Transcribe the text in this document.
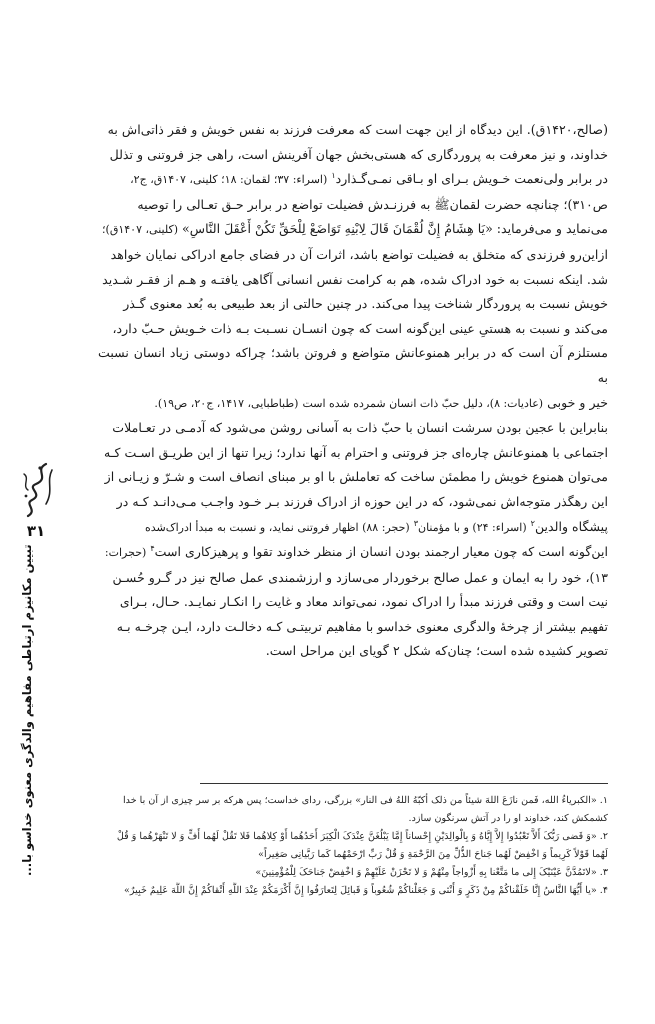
(صالح،۱۴۲۰ق). این دیدگاه از این جهت است که معرفت فرزند به نفس خویش و فقر ذاتی‌اش به

خداوند، و نیز معرفت به پروردگاری که هستی‌بخش جهان آفرینش است، راهی جز فروتنی و تذلل

در برابر ولی‌نعمت خـویش بـرای او بـاقی نمـی‌گـذارد$^۱$ (اسراء: ۳۷؛ لقمان: ۱۸؛ کلینی، ۱۴۰۷ق، ج۲،

ص۳۱۰)؛ چنانچه حضرت لقمانﷺ به فرزنـدش فضیلت تواضع در برابر حـق تعـالی را توصیه

می‌نماید و می‌فرماید: «یَا هِشَامُ إِنَّ لُقْمَانَ قَالَ لِابْنِهِ تَوَاضَعْ لِلْحَقِّ تَكُنْ أَعْقَلَ النَّاسِ» (کلینی، ۱۴۰۷ق)؛

ازاین‌رو فرزندی که متخلق به فضیلت تواضع باشد، اثرات آن در فضای جامع ادراکی نمایان خواهد

شد. اینکه نسبت به خود ادراک شده، هم به کرامت نفس انسانی آگاهی یافتـه و هـم از فقـر شـدید

خویش نسبت به پروردگار شناخت پیدا می‌کند. در چنین حالتی از بعد طبیعی به بُعد معنوی گـذر

می‌کند و نسبت به هستیِ عینی این‌گونه است که چون انسـان نسـبت بـه ذات خـویش حـبّ دارد،

مستلزم آن است که در برابر همنوعانش متواضع و فروتن باشد؛ چراکه دوستی زیاد انسان نسبت به

خیر و خوبی (عادیات: ۸)، دلیل حبّ ذات انسان شمرده شده است (طباطبایی، ۱۴۱۷، ج۲۰، ص۱۹).

بنابراین با عجین بودن سرشت انسان با حبّ ذات به آسانی روشن می‌شود که آدمـی در تعـاملات

اجتماعی با همنوعانش چاره‌ای جز فروتنی و احترام به آنها ندارد؛ زیرا تنها از این طریـق اسـت کـه

می‌توان همنوع خویش را مطمئن ساخت که تعاملش با او بر مبنای انصاف است و شـرّ و زیـانی از

این رهگذر متوجه‌اش نمی‌شود، که در این حوزه از ادراک فرزند بـر خـود واجـب مـی‌دانـد کـه در

پیشگاه والدین$^۲$ (اسراء: ۲۴) و با مؤمنان$^۳$ (حجر: ۸۸) اظهار فروتنی نماید، و نسبت به مبدأ ادراک‌شده

این‌گونه است که چون معیار ارجمند بودن انسان از منظر خداوند تقوا و پرهیزکاری است$^۴$ (حجرات:

۱۳)، خود را به ایمان و عمل صالح برخوردار می‌سازد و ارزشمندی عمل صالح نیز در گـرو حُسـن

نیت است و وقتی فرزند مبدأ را ادراک نمود، نمی‌تواند معاد و غایت را انکـار نمایـد. حـال، بـرای

تفهیم بیشتر از چرخهٔ والدگری معنوی خداسو با مفاهیم تربیتـی کـه دخالـت دارد، ایـن چرخـه بـه

تصویر کشیده شده است؛ چنان‌که شکل ۲ گویای این مراحل است.

۱. «الکبریاءُ الله، فَمن نازَعَ اللهَ شیئاً من ذلک أکبّهُ اللهُ فی النار» بزرگی، ردای خداست؛ پس هرکه بر سر چیزی از آن با خدا

کشمکش کند، خداوند او را در آتش سرنگون سازد.

۲. «وَ قَضی رَبُّکَ أَلاَّ تَعْبُدُوا إِلاَّ إِیَّاهُ وَ بِالْوالِدَیْنِ إِحْساناً إِمَّا یَبْلُغَنَّ عِنْدَکَ الْکِبَرَ أَحَدُهُما أَوْ کِلاهُما فَلا تَقُلْ لَهُما أُفٍّ وَ لا تَنْهَرْهُما وَ قُلْ

لَهُما قَوْلاً کَرِیماً وَ اخْفِضْ لَهُما جَناحَ الذُّلِّ مِنَ الرَّحْمَةِ وَ قُلْ رَبِّ ارْحَمْهُما کَما رَبَّیانِی صَغِیراً»

۳. «لاتَمُدَّنَّ عَیْنَیْکَ إِلی ما مَتَّعْنا بِهِ أَزْواجاً مِنْهُمْ وَ لا تَحْزَنْ عَلَیْهِمْ وَ اخْفِضْ جَناحَکَ لِلْمُؤْمِنِینَ»

۴. «یا أَیُّهَا النَّاسُ إِنَّا خَلَقْناکُمْ مِنْ ذَکَرٍ وَ أُنْثی وَ جَعَلْناکُمْ شُعُوباً وَ قَبائِلَ لِتَعارَفُوا إِنَّ أَکْرَمَکُمْ عِنْدَ اللَّهِ أَتْقاکُمْ إِنَّ اللَّهَ عَلِیمٌ خَبِیرٌ»

۳۱
تبیین مکانیزم ارتباطی مفاهیم والدگری معنوی خداسو با...
